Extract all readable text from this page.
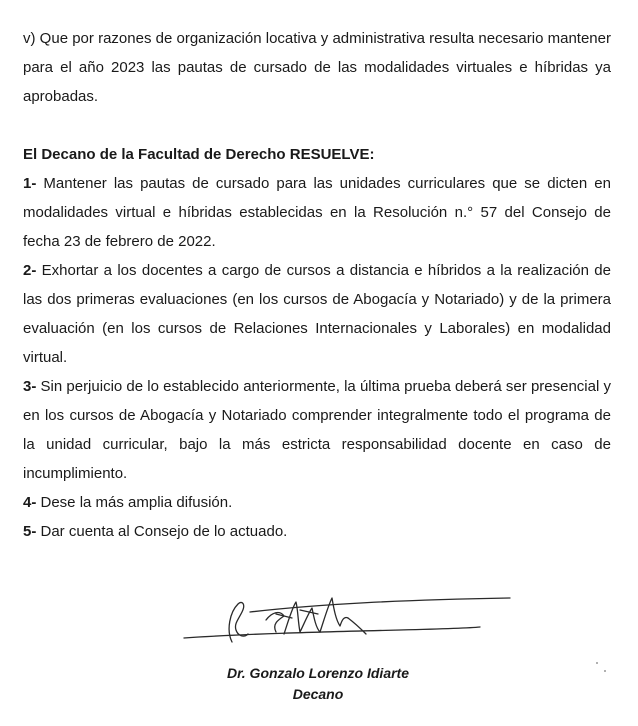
v) Que por razones de organización locativa y administrativa resulta necesario mantener para el año 2023 las pautas de cursado de las modalidades virtuales e híbridas ya aprobadas.

El Decano de la Facultad de Derecho RESUELVE:

1- Mantener las pautas de cursado para las unidades curriculares que se dicten en modalidades virtual e híbridas establecidas en la Resolución n.° 57 del Consejo de fecha 23 de febrero de 2022.

2- Exhortar a los docentes a cargo de cursos a distancia e híbridos a la realización de las dos primeras evaluaciones (en los cursos de Abogacía y Notariado) y de la primera evaluación (en los cursos de Relaciones Internacionales y Laborales) en modalidad virtual.

3- Sin perjuicio de lo establecido anteriormente, la última prueba deberá ser presencial y en los cursos de Abogacía y Notariado comprender integralmente todo el programa de la unidad curricular, bajo la más estricta responsabilidad docente en caso de incumplimiento.

4- Dese la más amplia difusión.

5- Dar cuenta al Consejo de lo actuado.

Dr. Gonzalo Lorenzo Idiarte
Decano
